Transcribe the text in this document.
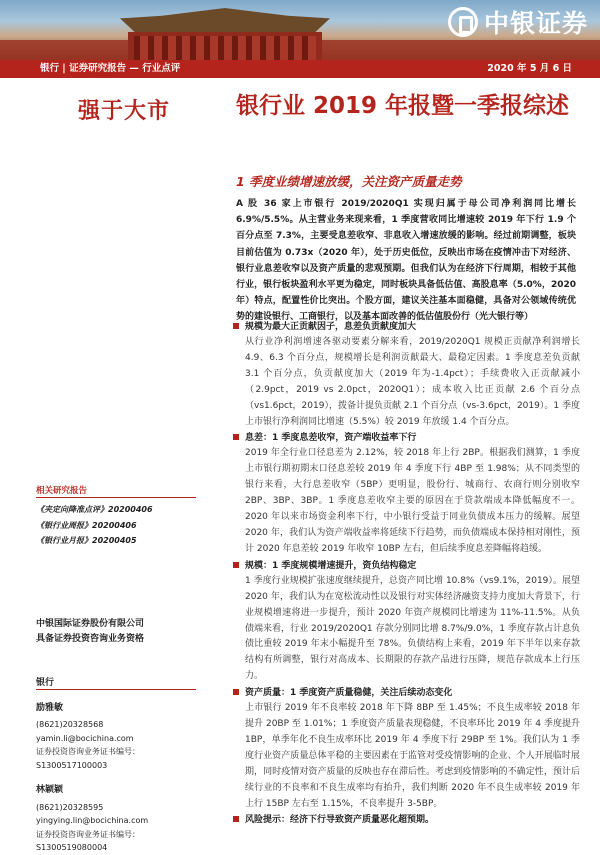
中银证券
银行 | 证券研究报告 — 行业点评	2020 年 5 月 6 日
强于大市	银行业 2019 年报暨一季报综述
1 季度业绩增速放缓，关注资产质量走势
A 股 36 家上市银行 2019/2020Q1 实现归属于母公司净利润同比增长 6.9%/5.5%。从主营业务来现来看，1 季度营收同比增速较 2019 年下行 1.9 个百分点至 7.3%，主要受息差收窄、非息收入增速放缓的影响。经过前期调整，板块目前估值为 0.73x（2020 年），处于历史低位，反映出市场在疫情冲击下对经济、银行业息差收窄以及资产质量的悲观预期。但我们认为在经济下行周期，相较于其他行业，银行板块盈利水平更为稳定，同时板块具备低估值、高股息率（5.0%，2020 年）特点，配置性价比突出。个股方面，建议关注基本面稳健，具备对公领域传统优势的建设银行、工商银行，以及基本面改善的低估值股份行（光大银行等）
规模为最大正贡献因子，息差负贡献度加大
从行业净利润增速各驱动要素分解来看，2019/2020Q1 规模正贡献净利润增长 4.9、6.3 个百分点，规模增长是利润贡献最大、最稳定因素。1 季度息差负贡献 3.1 个百分点，负贡献度加大（2019 年为-1.4pct）；手续费收入正贡献减小（2.9pct，2019 vs 2.0pct，2020Q1）；成本收入比正贡献 2.6 个百分点（vs1.6pct，2019），拨备计提负贡献 2.1 个百分点（vs-3.6pct，2019）。1 季度上市银行净利润同比增速（5.5%）较 2019 年放缓 1.4 个百分点。
息差：1 季度息差收窄，资产端收益率下行
2019 年全行业口径息差为 2.12%，较 2018 年上行 2BP。根据我们测算，1 季度上市银行期初期末口径息差较 2019 年 4 季度下行 4BP 至 1.98%；从不同类型的银行来看，大行息差收窄（5BP）更明显，股份行、城商行、农商行则分别收窄 2BP、3BP、3BP。1 季度息差收窄主要的原因在于贷款端成本降低幅度不一。2020 年以来市场资金利率下行，中小银行受益于同业负债成本压力的缓解。展望 2020 年，我们认为资产端收益率将延续下行趋势，而负债端成本保持相对刚性，预计 2020 年息差较 2019 年收窄 10BP 左右，但后续季度息差降幅将趋缓。
规模：1 季度规模增速提升，资负结构稳定
1 季度行业规模扩张速度继续提升，总资产同比增 10.8%（vs9.1%，2019）。展望 2020 年，我们认为在宽松流动性以及银行对实体经济融资支持力度加大背景下，行业规模增速将进一步提升，预计 2020 年资产规模同比增速为 11%-11.5%。从负债端来看，行业 2019/2020Q1 存款分别同比增 8.7%/9.0%，1 季度存款占计息负债比重较 2019 年末小幅提升至 78%。负债结构上来看，2019 年下半年以来存款结构有所调整，银行对高成本、长期限的存款产品进行压降，规范存款成本上行压力。
资产质量：1 季度资产质量稳健，关注后续动态变化
上市银行 2019 年不良率较 2018 年下降 8BP 至 1.45%；不良生成率较 2018 年提升 20BP 至 1.01%；1 季度资产质量表现稳健，不良率环比 2019 年 4 季度提升 1BP，单季年化不良生成率环比 2019 年 4 季度下行 29BP 至 1%。我们认为 1 季度行业资产质量总体平稳的主要因素在于监管对受疫情影响的企业、个人开展临时展期，同时疫情对资产质量的反映也存在滞后性。考虑到疫情影响的不确定性，预计后续行业的不良率和不良生成率均有抬升，我们判断 2020 年不良生成率较 2019 年上行 15BP 左右至 1.15%，不良率提升 3-5BP。
风险提示：经济下行导致资产质量恶化超预期。
相关研究报告
《夹定向降准点评》20200406
《银行业周报》20200406
《银行业月报》20200405
中银国际证券股份有限公司
具备证券投资咨询业务资格
银行
励雅敏
(8621)20328568
yamin.li@bocichina.com
证券投资咨询业务证书编号：S1300517100003
林颖颖
(8621)20328595
yingying.lin@bocichina.com
证券投资咨询业务证书编号：S1300519080004
